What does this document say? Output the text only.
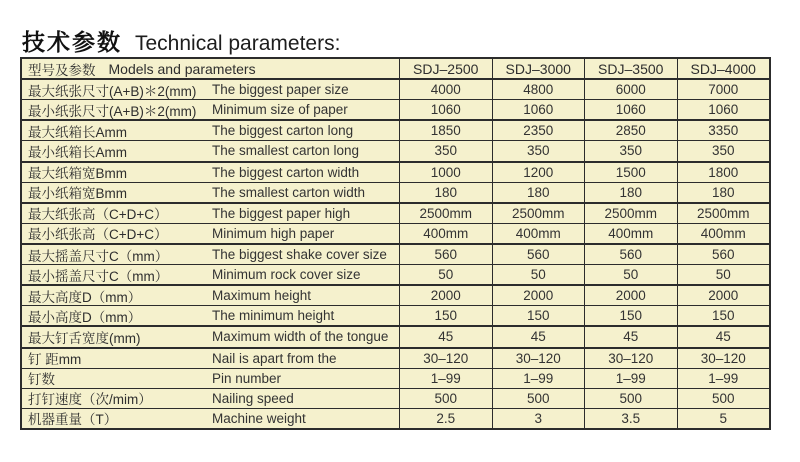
技术参数 Technical parameters:
型号及参数 Models and parameters	SDJ–2500	SDJ–3000	SDJ–3500	SDJ–4000
最大纸张尺寸(A+B)＊2(mm) The biggest paper size	4000	4800	6000	7000
最小纸张尺寸(A+B)＊2(mm) Minimum size of paper	1060	1060	1060	1060
最大纸箱长Amm	The biggest carton long	1850	2350	2850	3350
最小纸箱长Amm	The smallest carton long	350	350	350	350
最大纸箱宽Bmm	The biggest carton width	1000	1200	1500	1800
最小纸箱宽Bmm	The smallest carton width	180	180	180	180
最大纸张高（C+D+C）	The biggest paper high	2500mm	2500mm	2500mm	2500mm
最小纸张高（C+D+C）	Minimum high paper	400mm	400mm	400mm	400mm
最大摇盖尺寸C（mm）	The biggest shake cover size	560	560	560	560
最小摇盖尺寸C（mm）	Minimum rock cover size	50	50	50	50
最大高度D（mm）	Maximum height	2000	2000	2000	2000
最小高度D（mm）	The minimum height	150	150	150	150
最大钉舌宽度(mm)	Maximum width of the tongue	45	45	45	45
钉 距mm	Nail is apart from the	30–120	30–120	30–120	30–120
钉数	Pin number	1–99	1–99	1–99	1–99
打钉速度（次/mim）	Nailing speed	500	500	500	500
机器重量（T）	Machine weight	2.5	3	3.5	5
